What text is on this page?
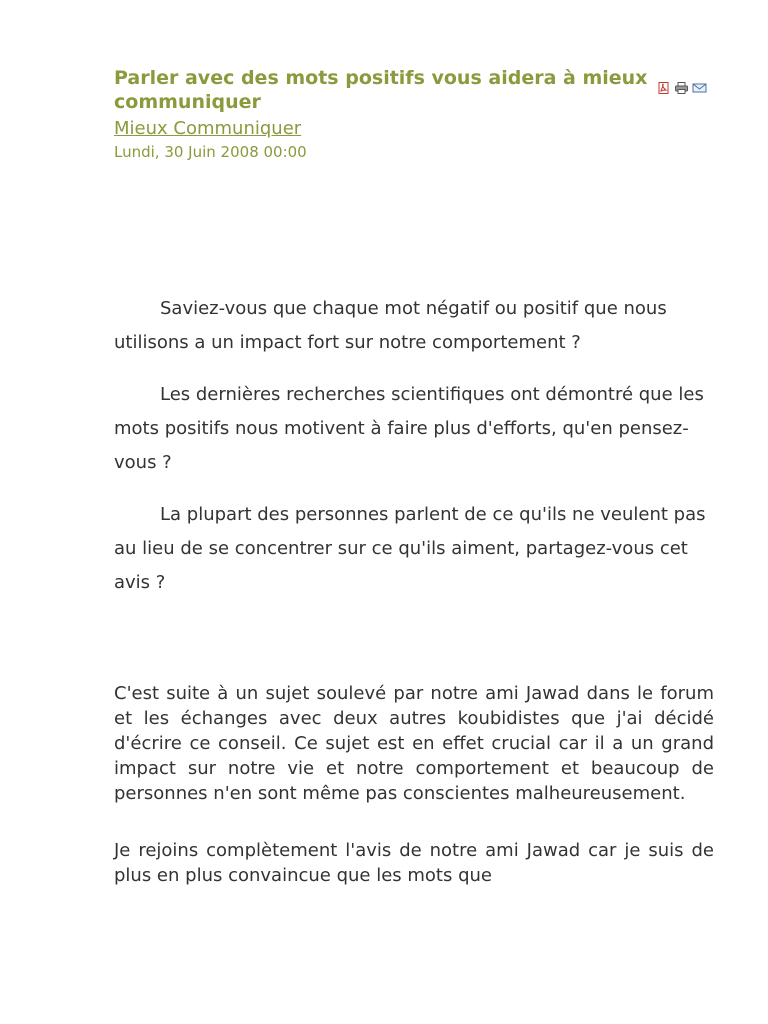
Parler avec des mots positifs vous aidera à mieux communiquer
Mieux Communiquer
Lundi, 30 Juin 2008 00:00

Saviez-vous que chaque mot négatif ou positif que nous utilisons a un impact fort sur notre comportement ?

Les dernières recherches scientifiques ont démontré que les mots positifs nous motivent à faire plus d'efforts, qu'en pensez-vous ?

La plupart des personnes parlent de ce qu'ils ne veulent pas au lieu de se concentrer sur ce qu'ils aiment, partagez-vous cet avis ?

C'est suite à un sujet soulevé par notre ami Jawad dans le forum et les échanges avec deux autres koubidistes que j'ai décidé d'écrire ce conseil. Ce sujet est en effet crucial car il a un grand impact sur notre vie et notre comportement et beaucoup de personnes n'en sont même pas conscientes malheureusement.

Je rejoins complètement l'avis de notre ami Jawad car je suis de plus en plus convaincue que les mots que
